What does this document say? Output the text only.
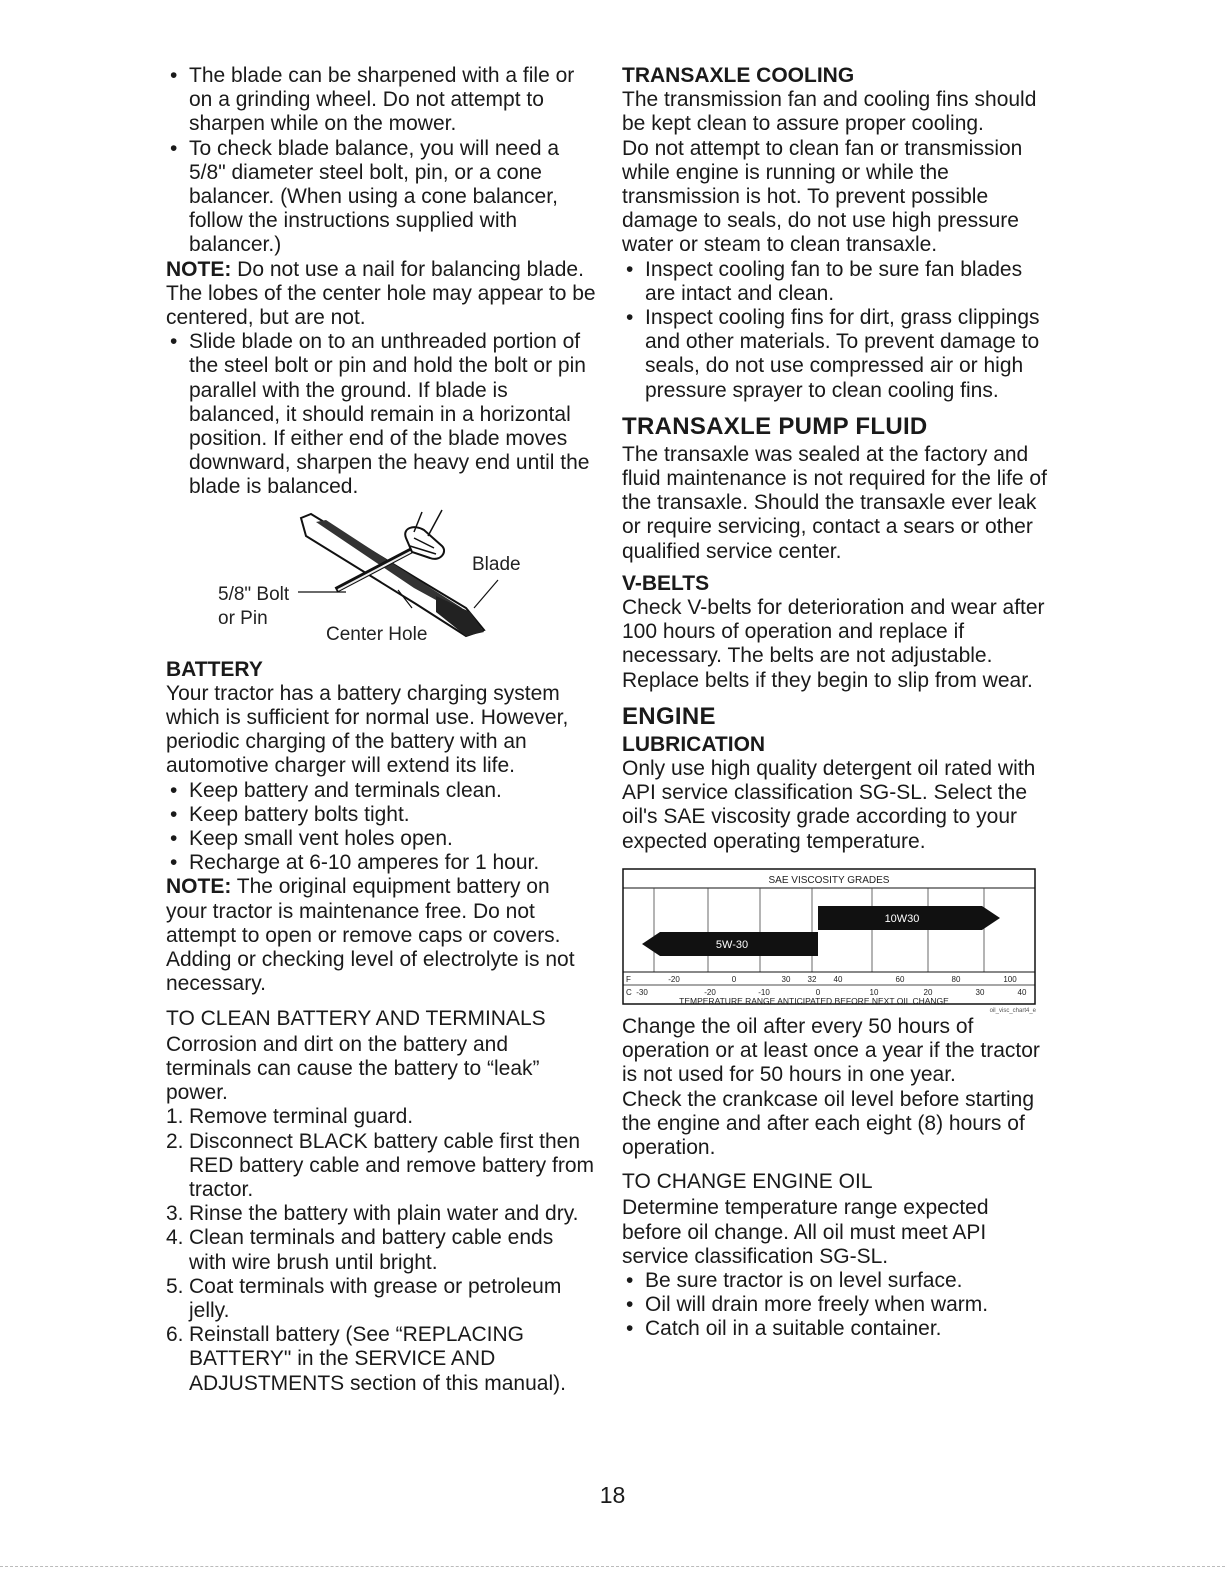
• The blade can be sharpened with a file or on a grinding wheel. Do not attempt to sharpen while on the mower.

• To check blade balance, you will need a 5/8" diameter steel bolt, pin, or a cone balancer. (When using a cone balancer, follow the instructions supplied with balancer.)

NOTE: Do not use a nail for balancing blade. The lobes of the center hole may appear to be centered, but are not.

• Slide blade on to an unthreaded portion of the steel bolt or pin and hold the bolt or pin parallel with the ground. If blade is balanced, it should remain in a horizontal position. If either end of the blade moves downward, sharpen the heavy end until the blade is balanced.

5/8" Bolt
or Pin
Center Hole
Blade

BATTERY

Your tractor has a battery charging system which is sufficient for normal use. However, periodic charging of the battery with an automotive charger will extend its life.

• Keep battery and terminals clean.

• Keep battery bolts tight.

• Keep small vent holes open.

• Recharge at 6-10 amperes for 1 hour.

NOTE: The original equipment battery on your tractor is maintenance free. Do not attempt to open or remove caps or covers. Adding or checking level of electrolyte is not necessary.

TO CLEAN BATTERY AND TERMINALS

Corrosion and dirt on the battery and terminals can cause the battery to “leak” power.

1. Remove terminal guard.

2. Disconnect BLACK battery cable first then RED battery cable and remove battery from tractor.

3. Rinse the battery with plain water and dry.

4. Clean terminals and battery cable ends with wire brush until bright.

5. Coat terminals with grease or petroleum jelly.

6. Reinstall battery (See “REPLACING BATTERY" in the SERVICE AND ADJUSTMENTS section of this manual).

TRANSAXLE COOLING

The transmission fan and cooling fins should be kept clean to assure proper cooling.

Do not attempt to clean fan or transmission while engine is running or while the transmission is hot. To prevent possible damage to seals, do not use high pressure water or steam to clean transaxle.

• Inspect cooling fan to be sure fan blades are intact and clean.

• Inspect cooling fins for dirt, grass clippings and other materials. To prevent damage to seals, do not use compressed air or high pressure sprayer to clean cooling fins.

TRANSAXLE PUMP FLUID

The transaxle was sealed at the factory and fluid maintenance is not required for the life of the transaxle. Should the transaxle ever leak or require servicing, contact a sears or other qualified service center.

V-BELTS

Check V-belts for deterioration and wear after 100 hours of operation and replace if necessary. The belts are not adjustable. Replace belts if they begin to slip from wear.

ENGINE

LUBRICATION

Only use high quality detergent oil rated with API service classification SG-SL. Select the oil's SAE viscosity grade according to your expected operating temperature.

SAE VISCOSITY GRADES
10W30
5W-30
F	-20	0	30 32 40	60	80	100
C -30	-20	-10	0	10	20	30	40
TEMPERATURE RANGE ANTICIPATED BEFORE NEXT OIL CHANGE
oil_visc_chart4_e

Change the oil after every 50 hours of operation or at least once a year if the tractor is not used for 50 hours in one year.

Check the crankcase oil level before starting the engine and after each eight (8) hours of operation.

TO CHANGE ENGINE OIL

Determine temperature range expected before oil change. All oil must meet API service classification SG-SL.

• Be sure tractor is on level surface.

• Oil will drain more freely when warm.

• Catch oil in a suitable container.

18
